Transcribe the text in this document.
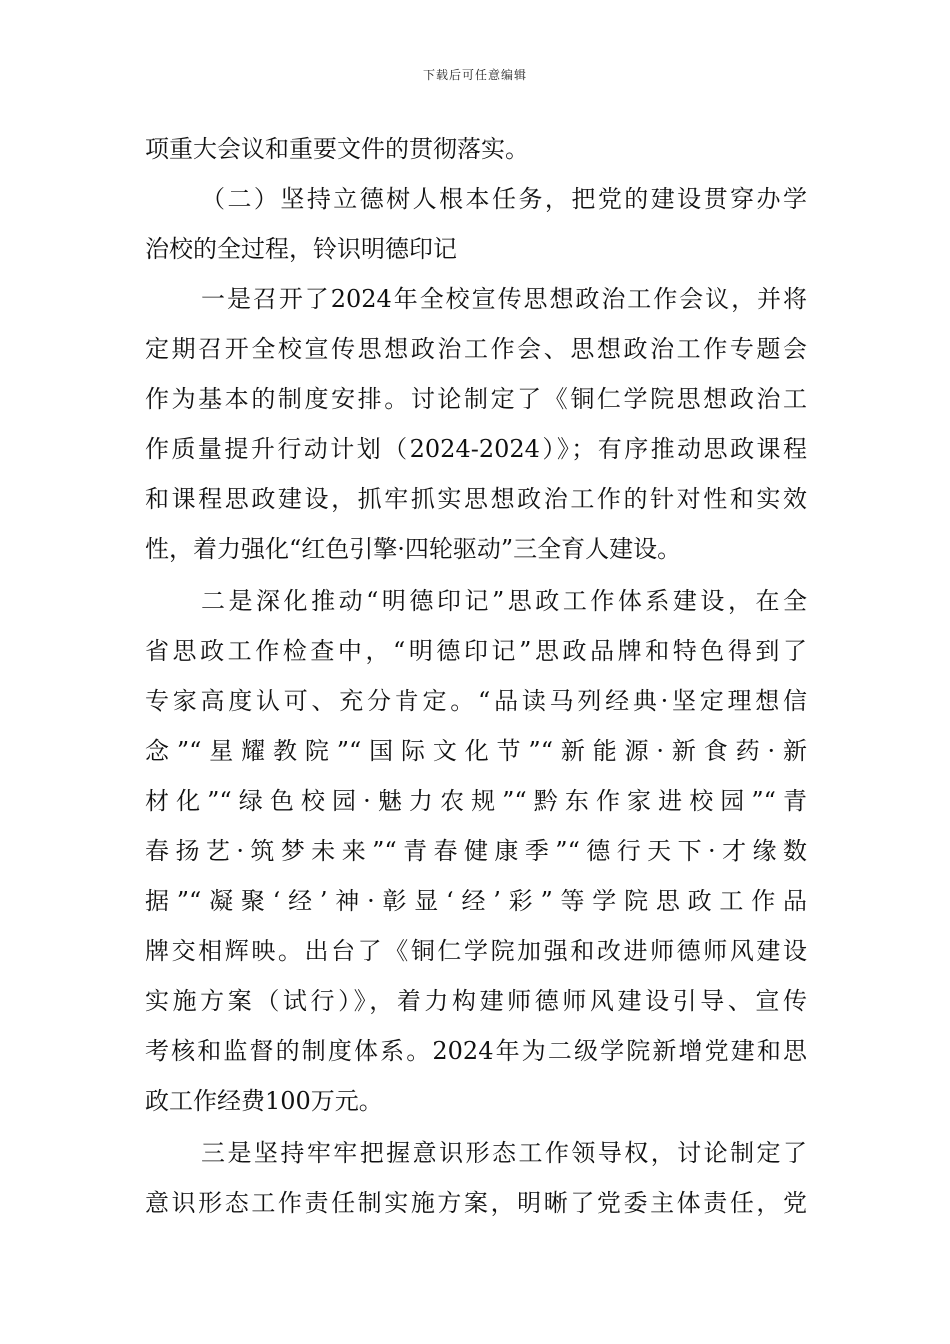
下载后可任意编辑
项重大会议和重要文件的贯彻落实。
（二）坚持立德树人根本任务，把党的建设贯穿办学
治校的全过程，铃识明德印记
一是召开了2024年全校宣传思想政治工作会议，并将
定期召开全校宣传思想政治工作会、思想政治工作专题会
作为基本的制度安排。讨论制定了《铜仁学院思想政治工
作质量提升行动计划（2024-2024）》；有序推动思政课程
和课程思政建设，抓牢抓实思想政治工作的针对性和实效
性，着力强化“红色引擎·四轮驱动”三全育人建设。
二是深化推动“明德印记”思政工作体系建设，在全
省思政工作检查中，“明德印记”思政品牌和特色得到了
专家高度认可、充分肯定。“品读马列经典·坚定理想信
念”“星耀教院”“国际文化节”“新能源·新食药·新
材化”“绿色校园·魅力农规”“黔东作家进校园”“青
春扬艺·筑梦未来”“青春健康季”“德行天下·才缘数
据”“凝聚‘经’神·彰显‘经’彩”等学院思政工作品
牌交相辉映。出台了《铜仁学院加强和改进师德师风建设
实施方案（试行）》，着力构建师德师风建设引导、宣传
考核和监督的制度体系。2024年为二级学院新增党建和思
政工作经费100万元。
三是坚持牢牢把握意识形态工作领导权，讨论制定了
意识形态工作责任制实施方案，明晰了党委主体责任，党
